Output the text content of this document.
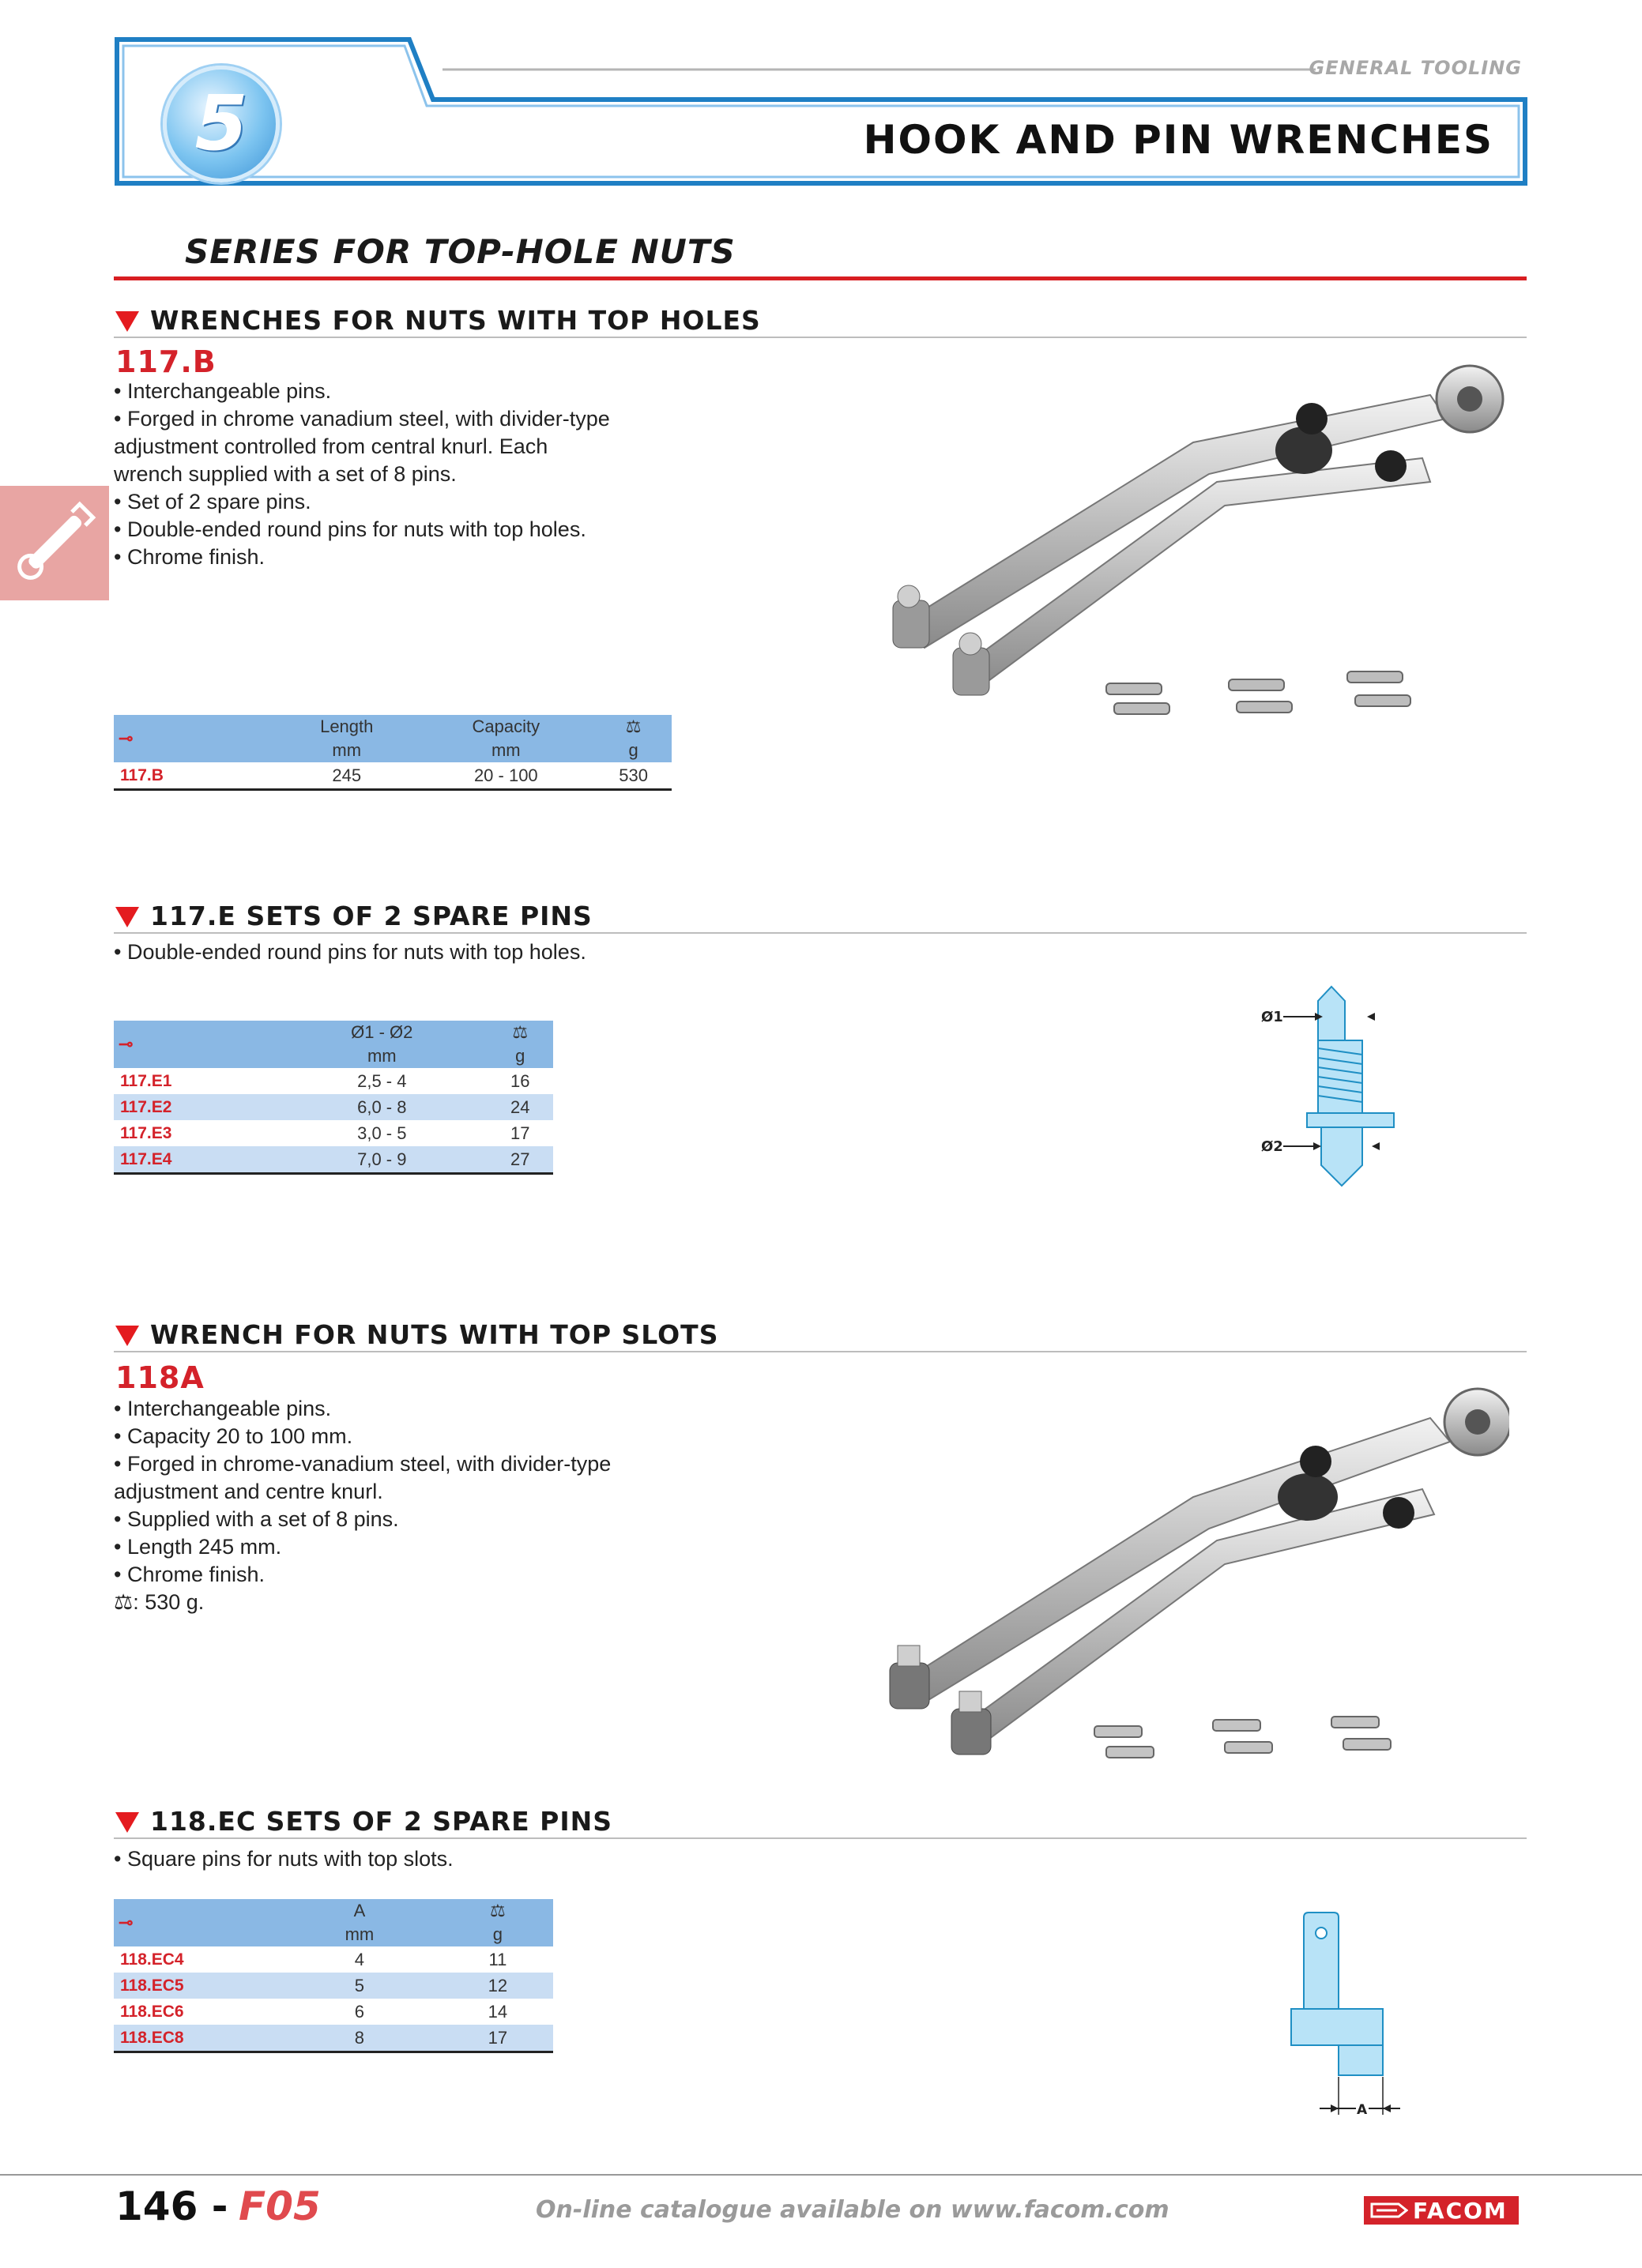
5
GENERAL TOOLING
HOOK AND PIN WRENCHES
SERIES FOR TOP-HOLE NUTS
WRENCHES FOR NUTS WITH TOP HOLES
117.B

• Interchangeable pins.

• Forged in chrome vanadium steel, with divider-type

adjustment controlled from central knurl. Each

wrench supplied with a set of 8 pins.

• Set of 2 spare pins.

• Double-ended round pins for nuts with top holes.

• Chrome finish.

⊸	Length	Capacity	⚖
	mm	mm	g
117.B	245	20 - 100	530
117.E SETS OF 2 SPARE PINS

• Double-ended round pins for nuts with top holes.

⊸	Ø1 - Ø2	⚖
	mm	g
117.E1	2,5 - 4	16
117.E2	6,0 - 8	24
117.E3	3,0 - 5	17
117.E4	7,0 - 9	27
Ø1
Ø2
WRENCH FOR NUTS WITH TOP SLOTS
118A

• Interchangeable pins.

• Capacity 20 to 100 mm.

• Forged in chrome-vanadium steel, with divider-type

adjustment and centre knurl.

• Supplied with a set of 8 pins.

• Length 245 mm.

• Chrome finish.

⚖: 530 g.

118.EC SETS OF 2 SPARE PINS

• Square pins for nuts with top slots.

⊸	A	⚖
	mm	g
118.EC4	4	11
118.EC5	5	12
118.EC6	6	14
118.EC8	8	17
A
146 - F05	On-line catalogue available on www.facom.com	FACOM
